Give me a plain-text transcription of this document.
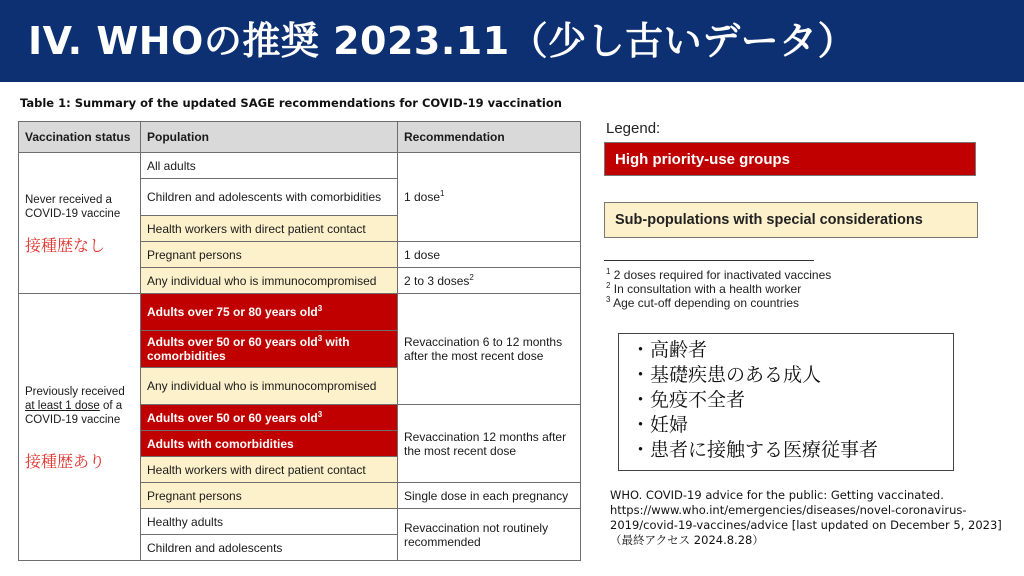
IV. WHOの推奨 2023.11（少し古いデータ）
Table 1: Summary of the updated SAGE recommendations for COVID-19 vaccination
Vaccination status	Population	Recommendation
Never received a
COVID-19 vaccine
接種歴なし	All adults	1 dose$^1$
	Children and adolescents with comorbidities	
	Health workers with direct patient contact	
	Pregnant persons	1 dose
	Any individual who is immunocompromised	2 to 3 doses$^2$
Previously received
at least 1 dose of a
COVID-19 vaccine
接種歴あり	Adults over 75 or 80 years old$^3$	Revaccination 6 to 12 months after the most recent dose
	Adults over 50 or 60 years old$^3$ with comorbidities	
	Any individual who is immunocompromised	
	Adults over 50 or 60 years old$^3$	Revaccination 12 months after the most recent dose
	Adults with comorbidities	
	Health workers with direct patient contact	
	Pregnant persons	Single dose in each pregnancy
	Healthy adults	Revaccination not routinely recommended
	Children and adolescents	
Legend:
High priority-use groups
Sub-populations with special considerations
$^1$ 2 doses required for inactivated vaccines
$^2$ In consultation with a health worker
$^3$ Age cut-off depending on countries
・高齢者
・基礎疾患のある成人
・免疫不全者
・妊婦
・患者に接触する医療従事者
WHO. COVID-19 advice for the public: Getting vaccinated. https://www.who.int/emergencies/diseases/novel-coronavirus-2019/covid-19-vaccines/advice [last updated on December 5, 2023]（最終アクセス 2024.8.28）
